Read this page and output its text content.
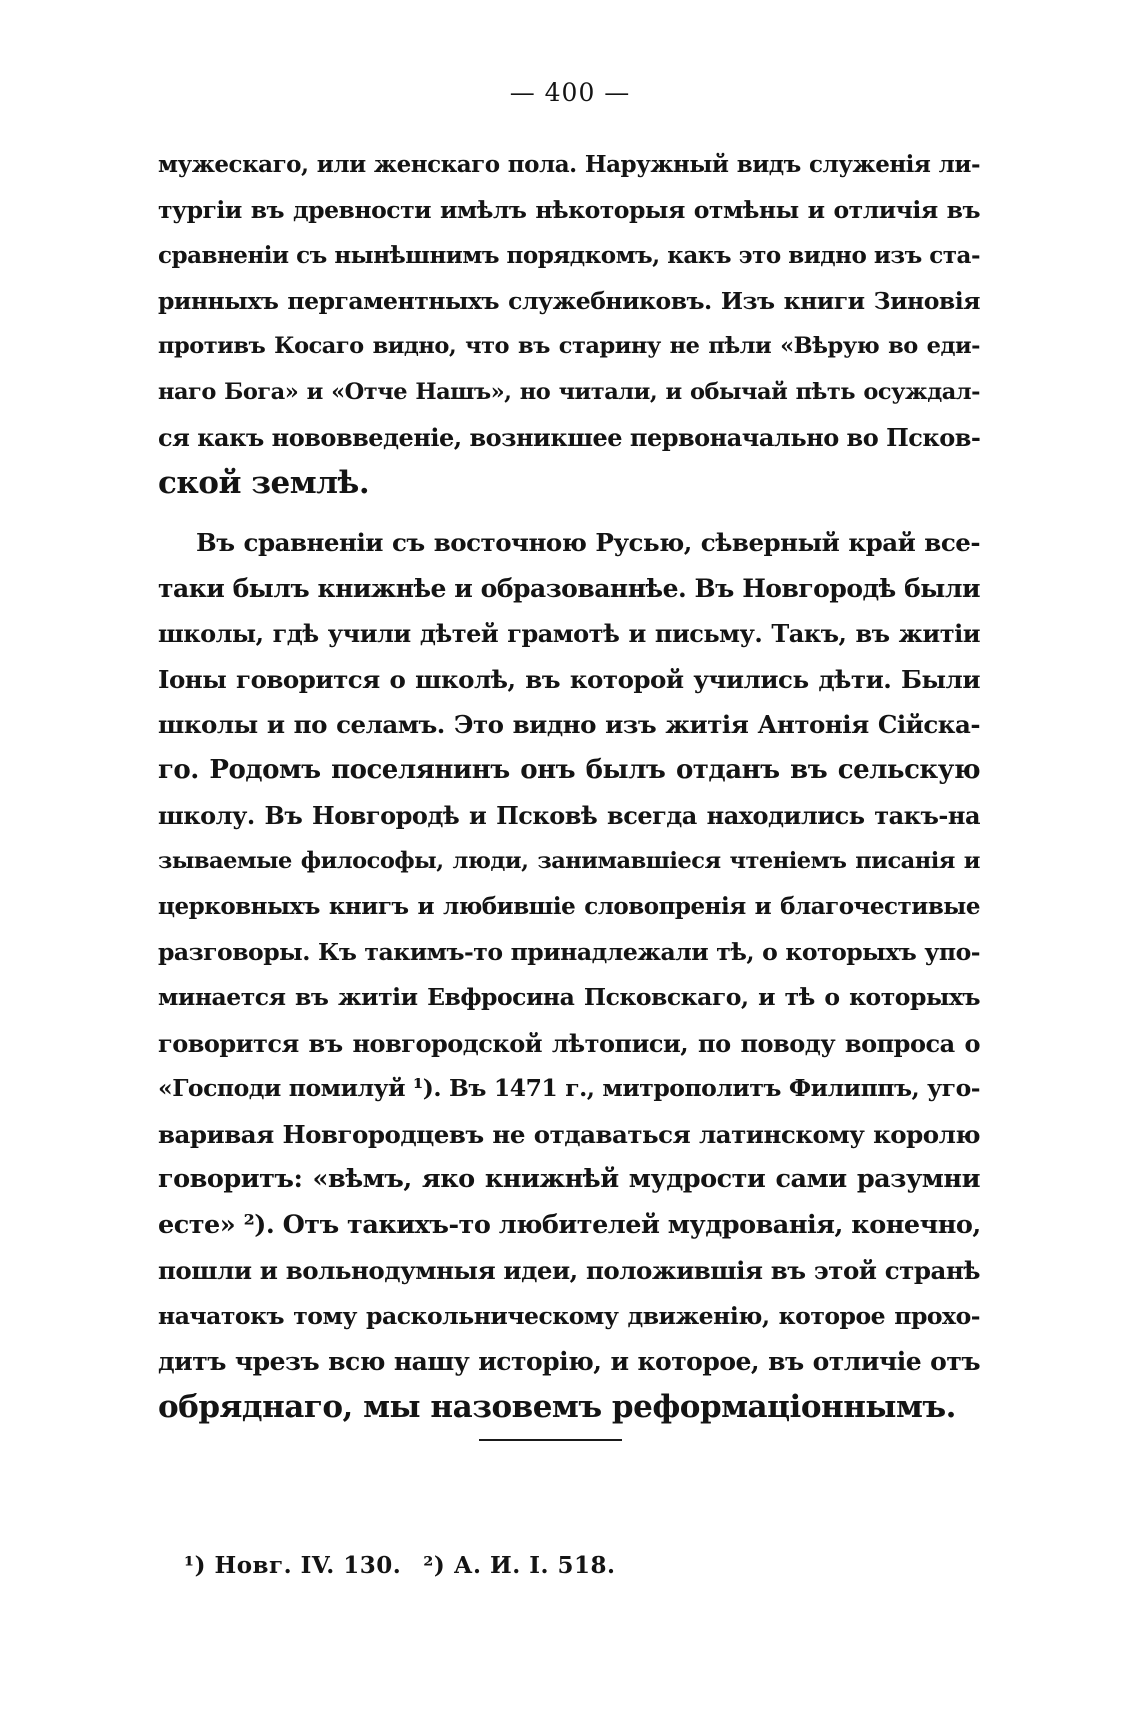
— 400 —

мужескаго, или женскаго пола. Наружный видъ служенія ли-
тургіи въ древности имѣлъ нѣкоторыя отмѣны и отличія въ
сравненіи съ нынѣшнимъ порядкомъ, какъ это видно изъ ста-
ринныхъ пергаментныхъ служебниковъ. Изъ книги Зиновія
противъ Косаго видно, что въ старину не пѣли «Вѣрую во еди-
наго Бога» и «Отче Нашъ», но читали, и обычай пѣть осуждал-
ся какъ нововведеніе, возникшее первоначально во Псков-
ской землѣ.

Въ сравненіи съ восточною Русью, сѣверный край все-
таки былъ книжнѣе и образованнѣе. Въ Новгородѣ были
школы, гдѣ учили дѣтей грамотѣ и письму. Такъ, въ житіи
Іоны говорится о школѣ, въ которой учились дѣти. Были
школы и по селамъ. Это видно изъ житія Антонія Сійска-
го. Родомъ поселянинъ онъ былъ отданъ въ сельскую
школу. Въ Новгородѣ и Псковѣ всегда находились такъ-на
зываемые философы, люди, занимавшіеся чтеніемъ писанія и
церковныхъ книгъ и любившіе словопренія и благочестивые
разговоры. Къ такимъ-то принадлежали тѣ, о которыхъ упо-
минается въ житіи Евфросина Псковскаго, и тѣ о которыхъ
говорится въ новгородской лѣтописи, по поводу вопроса о
«Господи помилуй ¹). Въ 1471 г., митрополитъ Филиппъ, уго-
варивая Новгородцевъ не отдаваться латинскому королю
говоритъ: «вѣмъ, яко книжнѣй мудрости сами разумни
есте» ²). Отъ такихъ-то любителей мудрованія, конечно,
пошли и вольнодумныя идеи, положившія въ этой странѣ
начатокъ тому раскольническому движенію, которое прохо-
дитъ чрезъ всю нашу исторію, и которое, въ отличіе отъ
обряднаго, мы назовемъ реформаціоннымъ.

¹) Новг. IV. 130. ²) А. И. I. 518.
